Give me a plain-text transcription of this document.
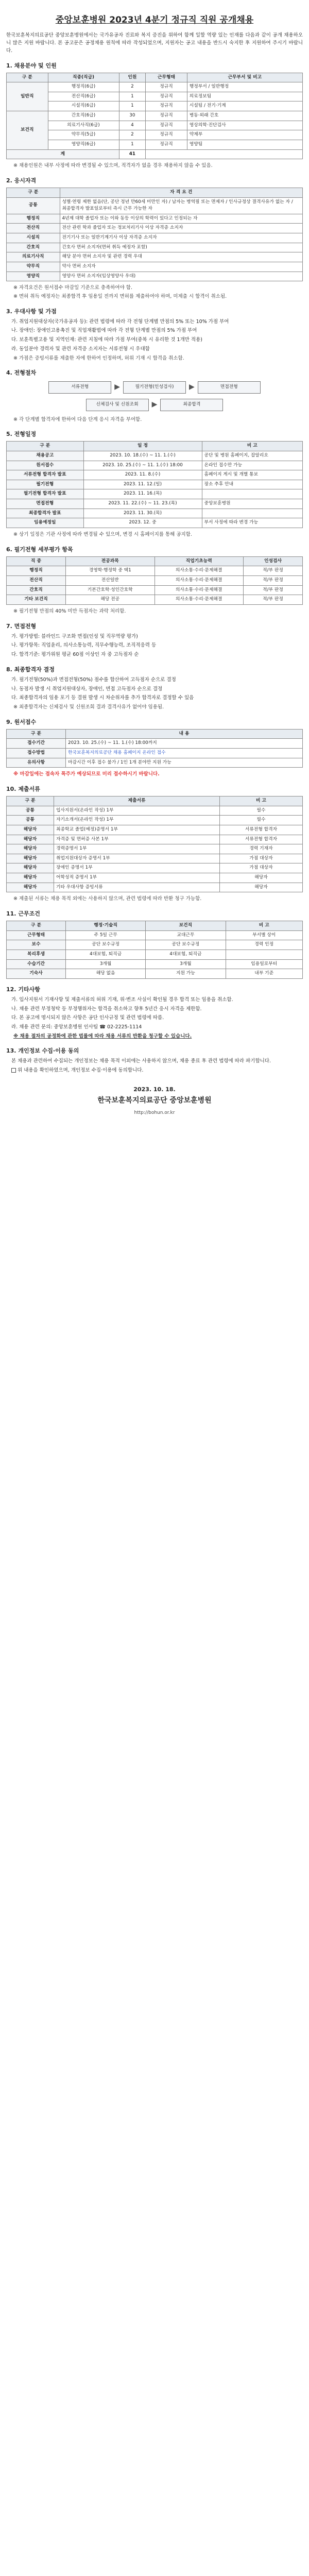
중앙보훈병원 2023년 4분기 정규직 직원 공개채용

한국보훈복지의료공단 중앙보훈병원에서는 국가유공자 진료와 복지 증진을 위하여 함께 일할 역량 있는 인재를 다음과 같이 공개 채용하오니 많은 지원 바랍니다. 본 공고문은 공정채용 원칙에 따라 작성되었으며, 지원자는 공고 내용을 반드시 숙지한 후 지원하여 주시기 바랍니다.

1. 채용분야 및 인원
구 분	직종(직급)	인원	근무형태	근무부서 및 비고
일반직	행정직(6급)	2	정규직	행정부서 / 일반행정
	전산직(6급)	1	정규직	의료정보팀
	시설직(6급)	1	정규직	시설팀 / 전기·기계
보건직	간호직(6급)	30	정규직	병동·외래 간호
	의료기사직(6급)	4	정규직	영상의학·진단검사
	약무직(5급)	2	정규직	약제부
	영양직(6급)	1	정규직	영양팀
계		41		
※ 채용인원은 내부 사정에 따라 변경될 수 있으며, 적격자가 없을 경우 채용하지 않을 수 있음.
2. 응시자격
구 분	자 격 요 건
공통	성별·연령 제한 없음(단, 공단 정년 만60세 미만인 자) / 남자는 병역필 또는 면제자 / 인사규정상 결격사유가 없는 자 / 최종합격자 발표일로부터 즉시 근무 가능한 자
행정직	4년제 대학 졸업자 또는 이와 동등 이상의 학력이 있다고 인정되는 자
전산직	전산 관련 학과 졸업자 또는 정보처리기사 이상 자격증 소지자
시설직	전기기사 또는 일반기계기사 이상 자격증 소지자
간호직	간호사 면허 소지자(면허 취득 예정자 포함)
의료기사직	해당 분야 면허 소지자 및 관련 경력 우대
약무직	약사 면허 소지자
영양직	영양사 면허 소지자(임상영양사 우대)
※ 자격요건은 원서접수 마감일 기준으로 충족하여야 함.
※ 면허 취득 예정자는 최종합격 후 임용일 전까지 면허를 제출하여야 하며, 미제출 시 합격이 취소됨.
3. 우대사항 및 가점

가. 취업지원대상자(국가유공자 등): 관련 법령에 따라 각 전형 단계별 만점의 5% 또는 10% 가점 부여

나. 장애인: 장애인고용촉진 및 직업재활법에 따라 각 전형 단계별 만점의 5% 가점 부여

다. 보훈특별고용 및 지역인재: 관련 지침에 따라 가점 부여(중복 시 유리한 것 1개만 적용)

라. 동일분야 경력자 및 관련 자격증 소지자는 서류전형 시 우대함

※ 가점은 증빙서류를 제출한 자에 한하여 인정하며, 허위 기재 시 합격을 취소함.
4. 전형절차
서류전형	▶	필기전형(인성검사)	▶	면접전형
신체검사 및 신원조회	▶	최종합격
※ 각 단계별 합격자에 한하여 다음 단계 응시 자격을 부여함.
5. 전형일정
구 분	일 정	비 고
채용공고	2023. 10. 18.(수) ~ 11. 1.(수)	공단 및 병원 홈페이지, 잡알리오
원서접수	2023. 10. 25.(수) ~ 11. 1.(수) 18:00	온라인 접수만 가능
서류전형 합격자 발표	2023. 11. 8.(수)	홈페이지 게시 및 개별 통보
필기전형	2023. 11. 12.(일)	장소 추후 안내
필기전형 합격자 발표	2023. 11. 16.(목)	
면접전형	2023. 11. 22.(수) ~ 11. 23.(목)	중앙보훈병원
최종합격자 발표	2023. 11. 30.(목)	
임용예정일	2023. 12. 중	부서 사정에 따라 변경 가능
※ 상기 일정은 기관 사정에 따라 변경될 수 있으며, 변경 시 홈페이지를 통해 공지함.
6. 필기전형 세부평가 항목
직 종	전공과목	직업기초능력	인성검사
행정직	경영학·행정학 중 택1	의사소통·수리·문제해결	적/부 판정
전산직	전산일반	의사소통·수리·문제해결	적/부 판정
간호직	기본간호학·성인간호학	의사소통·수리·문제해결	적/부 판정
기타 보건직	해당 전공	의사소통·수리·문제해결	적/부 판정
※ 필기전형 만점의 40% 미만 득점자는 과락 처리함.
7. 면접전형

가. 평가방법: 블라인드 구조화 면접(인성 및 직무역량 평가)

나. 평가항목: 직업윤리, 의사소통능력, 직무수행능력, 조직적응력 등

다. 합격기준: 평가위원 평균 60점 이상인 자 중 고득점자 순

8. 최종합격자 결정

가. 필기전형(50%)과 면접전형(50%) 점수를 합산하여 고득점자 순으로 결정

나. 동점자 발생 시 취업지원대상자, 장애인, 면접 고득점자 순으로 결정

다. 최종합격자의 임용 포기 등 결원 발생 시 차순위자를 추가 합격자로 결정할 수 있음

※ 최종합격자는 신체검사 및 신원조회 결과 결격사유가 없어야 임용됨.
9. 원서접수
구 분	내 용
접수기간	2023. 10. 25.(수) ~ 11. 1.(수) 18:00까지
접수방법	한국보훈복지의료공단 채용 홈페이지 온라인 접수
유의사항	마감시간 이후 접수 불가 / 1인 1개 분야만 지원 가능
※ 마감일에는 접속자 폭주가 예상되므로 미리 접수하시기 바랍니다.
10. 제출서류
구 분	제출서류	비 고
공통	입사지원서(온라인 작성) 1부	필수
공통	자기소개서(온라인 작성) 1부	필수
해당자	최종학교 졸업(예정)증명서 1부	서류전형 합격자
해당자	자격증 및 면허증 사본 1부	서류전형 합격자
해당자	경력증명서 1부	경력 기재자
해당자	취업지원대상자 증명서 1부	가점 대상자
해당자	장애인 증명서 1부	가점 대상자
해당자	어학성적 증명서 1부	해당자
해당자	기타 우대사항 증빙서류	해당자
※ 제출된 서류는 채용 목적 외에는 사용하지 않으며, 관련 법령에 따라 반환 청구 가능함.
11. 근무조건
구 분	행정·기술직	보건직	비 고
근무형태	주 5일 근무	교대근무	부서별 상이
보수	공단 보수규정	공단 보수규정	경력 인정
복리후생	4대보험, 퇴직금	4대보험, 퇴직금	
수습기간	3개월	3개월	임용일로부터
기숙사	해당 없음	지원 가능	내부 기준
12. 기타사항

가. 입사지원서 기재사항 및 제출서류의 허위 기재, 위·변조 사실이 확인될 경우 합격 또는 임용을 취소함.

나. 채용 관련 부정청탁 등 부정행위자는 합격을 취소하고 향후 5년간 응시 자격을 제한함.

다. 본 공고에 명시되지 않은 사항은 공단 인사규정 및 관련 법령에 따름.

라. 채용 관련 문의: 중앙보훈병원 인사팀 ☎ 02-2225-1114

※ 채용 절차의 공정화에 관한 법률에 따라 채용 서류의 반환을 청구할 수 있습니다.
13. 개인정보 수집·이용 동의

본 채용과 관련하여 수집되는 개인정보는 채용 목적 이외에는 사용하지 않으며, 채용 종료 후 관련 법령에 따라 파기합니다.

위 내용을 확인하였으며, 개인정보 수집·이용에 동의합니다.

2023. 10. 18.
한국보훈복지의료공단 중앙보훈병원
http://bohun.or.kr
